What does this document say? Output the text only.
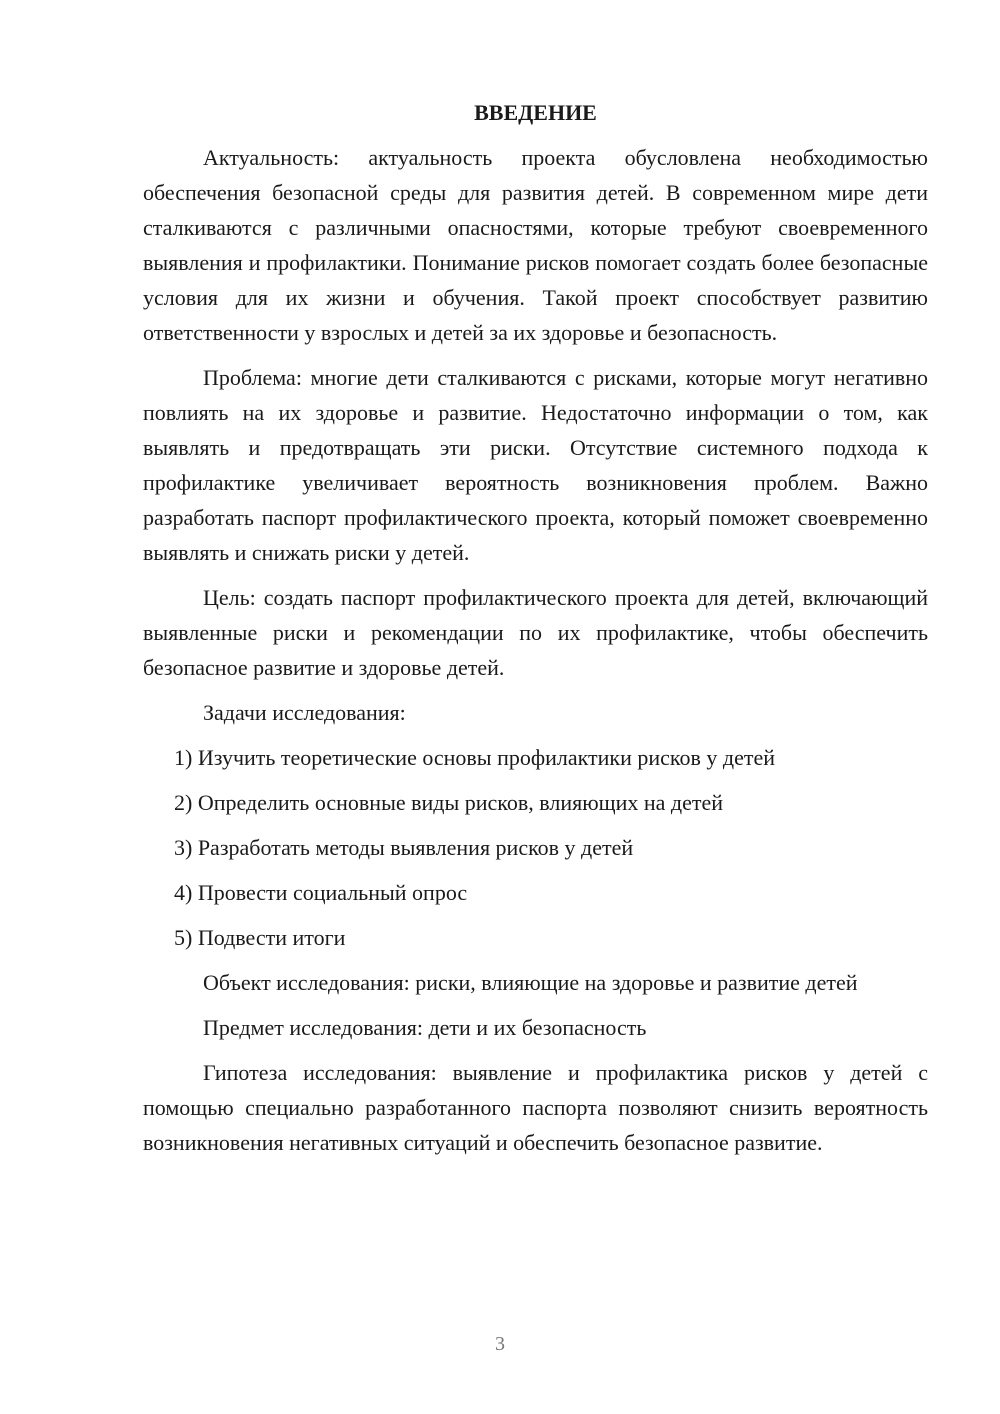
ВВЕДЕНИЕ

Актуальность: актуальность проекта обусловлена необходимостью обеспечения безопасной среды для развития детей. В современном мире дети сталкиваются с различными опасностями, которые требуют своевременного выявления и профилактики. Понимание рисков помогает создать более безопасные условия для их жизни и обучения. Такой проект способствует развитию ответственности у взрослых и детей за их здоровье и безопасность.

Проблема: многие дети сталкиваются с рисками, которые могут негативно повлиять на их здоровье и развитие. Недостаточно информации о том, как выявлять и предотвращать эти риски. Отсутствие системного подхода к профилактике увеличивает вероятность возникновения проблем. Важно разработать паспорт профилактического проекта, который поможет своевременно выявлять и снижать риски у детей.

Цель: создать паспорт профилактического проекта для детей, включающий выявленные риски и рекомендации по их профилактике, чтобы обеспечить безопасное развитие и здоровье детей.

Задачи исследования:

1) Изучить теоретические основы профилактики рисков у детей
2) Определить основные виды рисков, влияющих на детей
3) Разработать методы выявления рисков у детей
4) Провести социальный опрос
5) Подвести итоги

Объект исследования: риски, влияющие на здоровье и развитие детей

Предмет исследования: дети и их безопасность

Гипотеза исследования: выявление и профилактика рисков у детей с помощью специально разработанного паспорта позволяют снизить вероятность возникновения негативных ситуаций и обеспечить безопасное развитие.

3
